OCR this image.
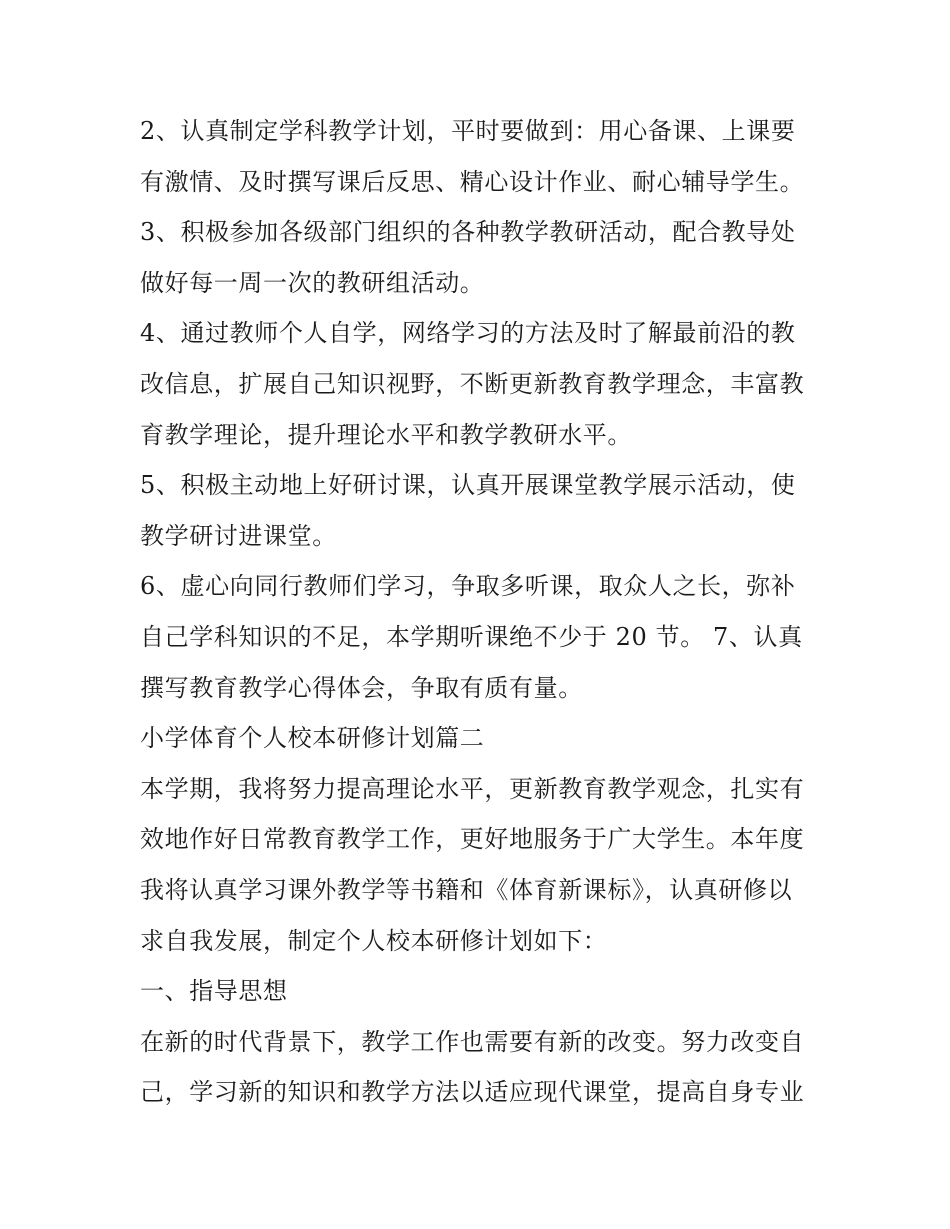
2、认真制定学科教学计划，平时要做到：用心备课、上课要
有激情、及时撰写课后反思、精心设计作业、耐心辅导学生。
3、积极参加各级部门组织的各种教学教研活动，配合教导处
做好每一周一次的教研组活动。
4、通过教师个人自学，网络学习的方法及时了解最前沿的教
改信息，扩展自己知识视野，不断更新教育教学理念，丰富教
育教学理论，提升理论水平和教学教研水平。
5、积极主动地上好研讨课，认真开展课堂教学展示活动，使
教学研讨进课堂。
6、虚心向同行教师们学习，争取多听课，取众人之长，弥补
自己学科知识的不足，本学期听课绝不少于 20 节。 7、认真
撰写教育教学心得体会，争取有质有量。
小学体育个人校本研修计划篇二
本学期，我将努力提高理论水平，更新教育教学观念，扎实有
效地作好日常教育教学工作，更好地服务于广大学生。本年度
我将认真学习课外教学等书籍和《体育新课标》，认真研修以
求自我发展，制定个人校本研修计划如下：
一、指导思想
在新的时代背景下，教学工作也需要有新的改变。努力改变自
己，学习新的知识和教学方法以适应现代课堂，提高自身专业
